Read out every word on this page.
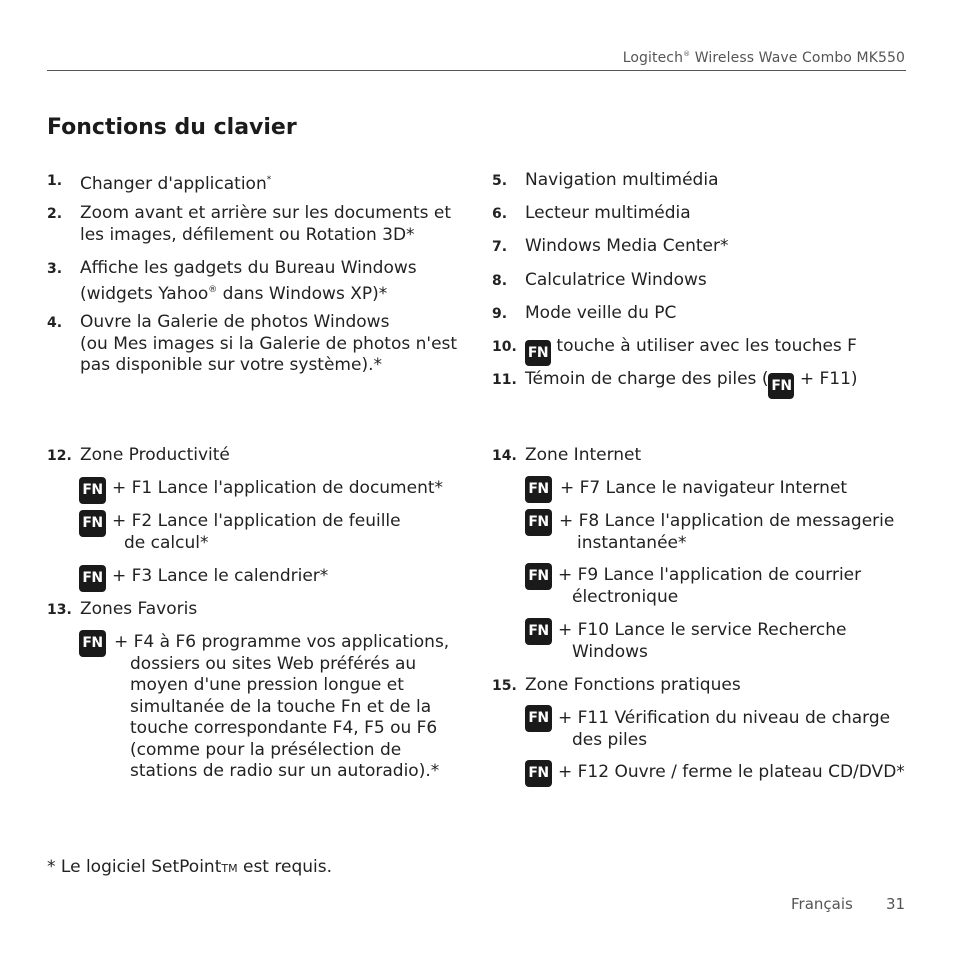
Logitech® Wireless Wave Combo MK550
Fonctions du clavier
1. Changer d'application*
2. Zoom avant et arrière sur les documents et
les images, défilement ou Rotation 3D*
3. Affiche les gadgets du Bureau Windows
(widgets Yahoo® dans Windows XP)*
4. Ouvre la Galerie de photos Windows
(ou Mes images si la Galerie de photos n'est
pas disponible sur votre système).*
5. Navigation multimédia
6. Lecteur multimédia
7. Windows Media Center*
8. Calculatrice Windows
9. Mode veille du PC
10. FN touche à utiliser avec les touches F
11. Témoin de charge des piles ( FN + F11)
12. Zone Productivité
FN + F1 Lance l'application de document*
FN + F2 Lance l'application de feuille
de calcul*
FN + F3 Lance le calendrier*
13. Zones Favoris
FN + F4 à F6 programme vos applications,
dossiers ou sites Web préférés au
moyen d'une pression longue et
simultanée de la touche Fn et de la
touche correspondante F4, F5 ou F6
(comme pour la présélection de
stations de radio sur un autoradio).*
14. Zone Internet
FN + F7 Lance le navigateur Internet
FN + F8 Lance l'application de messagerie
instantanée*
FN + F9 Lance l'application de courrier
électronique
FN + F10 Lance le service Recherche
Windows
15. Zone Fonctions pratiques
FN + F11 Vérification du niveau de charge
des piles
FN + F12 Ouvre / ferme le plateau CD/DVD*
* Le logiciel SetPointTM est requis.
Français 31
